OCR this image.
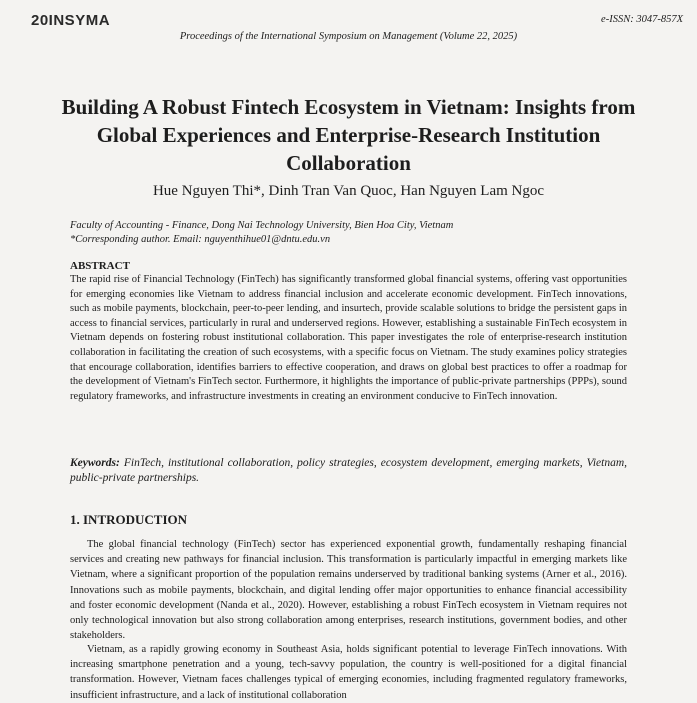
20INSYMA	e-ISSN: 3047-857X
Proceedings of the International Symposium on Management (Volume 22, 2025)
Building A Robust Fintech Ecosystem in Vietnam: Insights from Global Experiences and Enterprise-Research Institution Collaboration
Hue Nguyen Thi*, Dinh Tran Van Quoc, Han Nguyen Lam Ngoc
Faculty of Accounting - Finance, Dong Nai Technology University, Bien Hoa City, Vietnam
*Corresponding author. Email: nguyenthihue01@dntu.edu.vn
ABSTRACT

The rapid rise of Financial Technology (FinTech) has significantly transformed global financial systems, offering vast opportunities for emerging economies like Vietnam to address financial inclusion and accelerate economic development. FinTech innovations, such as mobile payments, blockchain, peer-to-peer lending, and insurtech, provide scalable solutions to bridge the persistent gaps in access to financial services, particularly in rural and underserved regions. However, establishing a sustainable FinTech ecosystem in Vietnam depends on fostering robust institutional collaboration. This paper investigates the role of enterprise-research institution collaboration in facilitating the creation of such ecosystems, with a specific focus on Vietnam. The study examines policy strategies that encourage collaboration, identifies barriers to effective cooperation, and draws on global best practices to offer a roadmap for the development of Vietnam's FinTech sector. Furthermore, it highlights the importance of public-private partnerships (PPPs), sound regulatory frameworks, and infrastructure investments in creating an environment conducive to FinTech innovation.

Keywords: FinTech, institutional collaboration, policy strategies, ecosystem development, emerging markets, Vietnam, public-private partnerships.

1. INTRODUCTION

The global financial technology (FinTech) sector has experienced exponential growth, fundamentally reshaping financial services and creating new pathways for financial inclusion. This transformation is particularly impactful in emerging markets like Vietnam, where a significant proportion of the population remains underserved by traditional banking systems (Arner et al., 2016). Innovations such as mobile payments, blockchain, and digital lending offer major opportunities to enhance financial accessibility and foster economic development (Nanda et al., 2020). However, establishing a robust FinTech ecosystem in Vietnam requires not only technological innovation but also strong collaboration among enterprises, research institutions, government bodies, and other stakeholders.

Vietnam, as a rapidly growing economy in Southeast Asia, holds significant potential to leverage FinTech innovations. With increasing smartphone penetration and a young, tech-savvy population, the country is well-positioned for a digital financial transformation. However, Vietnam faces challenges typical of emerging economies, including fragmented regulatory frameworks, insufficient infrastructure, and a lack of institutional collaboration
